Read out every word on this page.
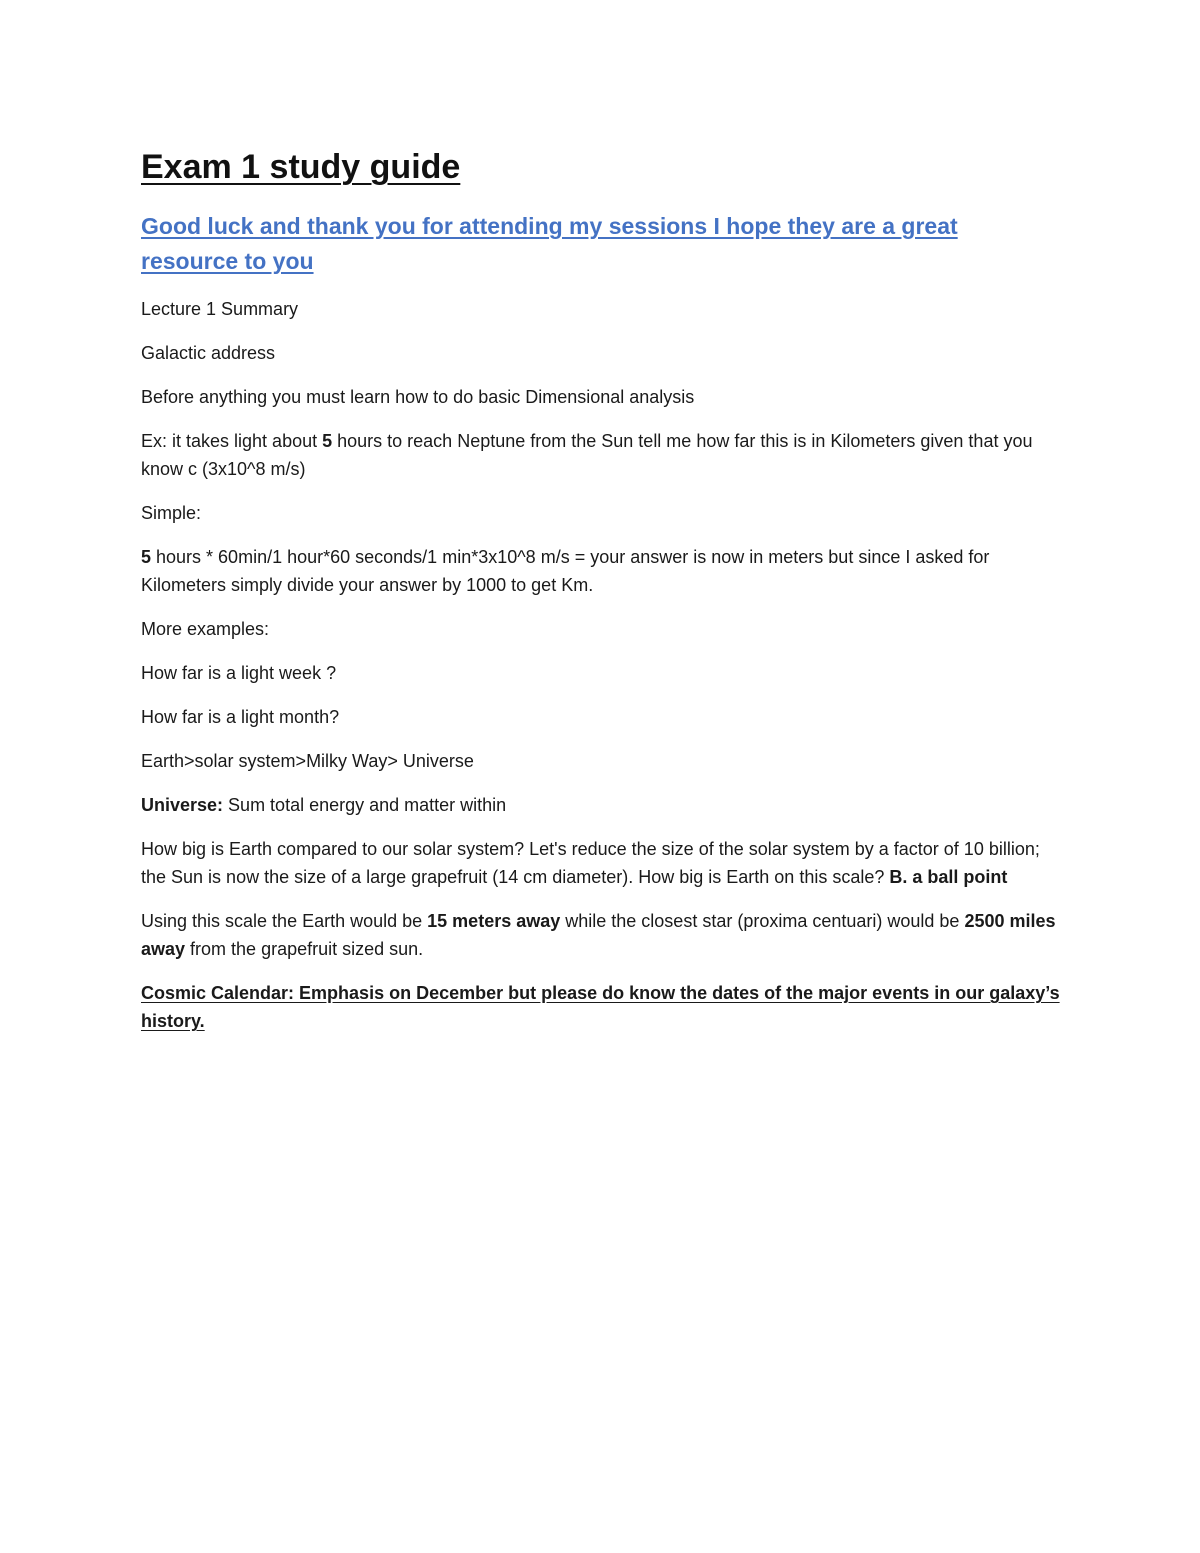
Exam 1 study guide
Good luck and thank you for attending my sessions I hope they are a great resource to you

Lecture 1 Summary

Galactic address

Before anything you must learn how to do basic Dimensional analysis

Ex: it takes light about 5 hours to reach Neptune from the Sun tell me how far this is in Kilometers given that you know c (3x10^8 m/s)

Simple:

5 hours * 60min/1 hour*60 seconds/1 min*3x10^8 m/s = your answer is now in meters but since I asked for Kilometers simply divide your answer by 1000 to get Km.

More examples:

How far is a light week ?

How far is a light month?

Earth>solar system>Milky Way> Universe

Universe: Sum total energy and matter within

How big is Earth compared to our solar system? Let's reduce the size of the solar system by a factor of 10 billion; the Sun is now the size of a large grapefruit (14 cm diameter). How big is Earth on this scale? B. a ball point

Using this scale the Earth would be 15 meters away while the closest star (proxima centuari) would be 2500 miles away from the grapefruit sized sun.

Cosmic Calendar: Emphasis on December but please do know the dates of the major events in our galaxy’s history.
